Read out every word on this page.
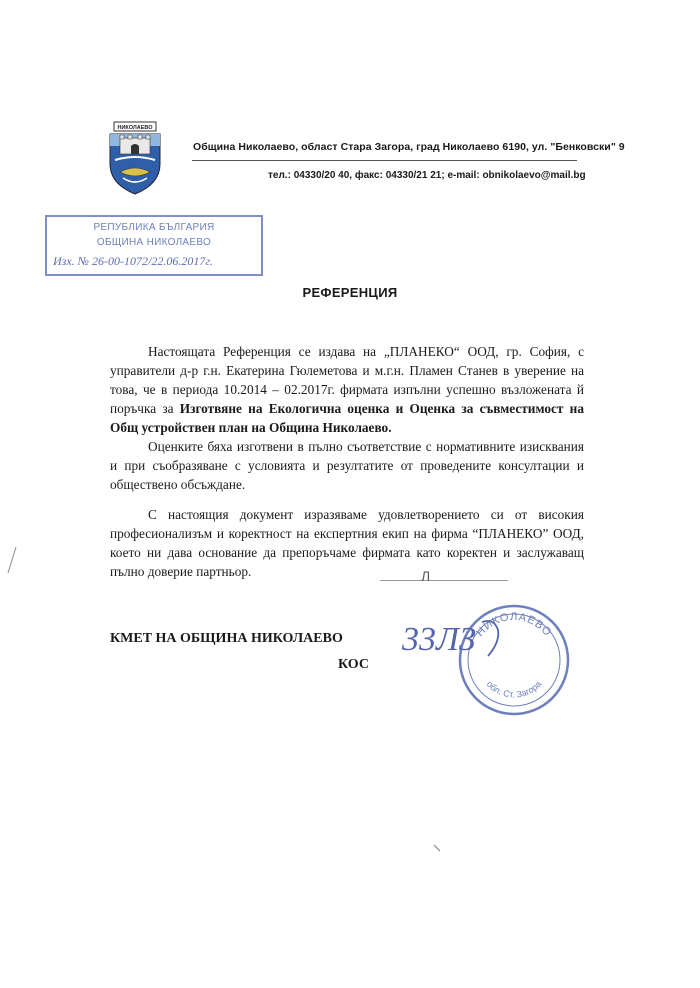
НИКОЛАЕВО
Община Николаево, област Стара Загора, град Николаево 6190, ул. "Бенковски" 9
тел.: 04330/20 40, факс: 04330/21 21; e-mail: obnikolaevo@mail.bg
РЕПУБЛИКА БЪЛГАРИЯ
ОБЩИНА НИКОЛАЕВО
Изх. № 26-00-1072/22.06.2017г.
РЕФЕРЕНЦИЯ

Настоящата Референция се издава на „ПЛАНЕКО“ ООД, гр. София, с управители д-р г.н. Екатерина Гюлеметова и м.г.н. Пламен Станев в уверение на това, че в периода 10.2014 – 02.2017г. фирмата изпълни успешно възложената й поръчка за Изготвяне на Екологична оценка и Оценка за съвместимост на Общ устройствен план на Община Николаево.

Оценките бяха изготвени в пълно съответствие с нормативните изисквания и при съобразяване с условията и резултатите от проведените консултации и обществено обсъждане.

С настоящия документ изразяваме удовлетворението си от високия професионализъм и коректност на експертния екип на фирма “ПЛАНЕКО” ООД, което ни дава основание да препоръчаме фирмата като коректен и заслужаващ пълно доверие партньор.	Л
КМЕТ НА ОБЩИНА НИКОЛАЕВО
КОС
НИКОЛАЕВО
обл. Ст. Загора
33ЛЗ
